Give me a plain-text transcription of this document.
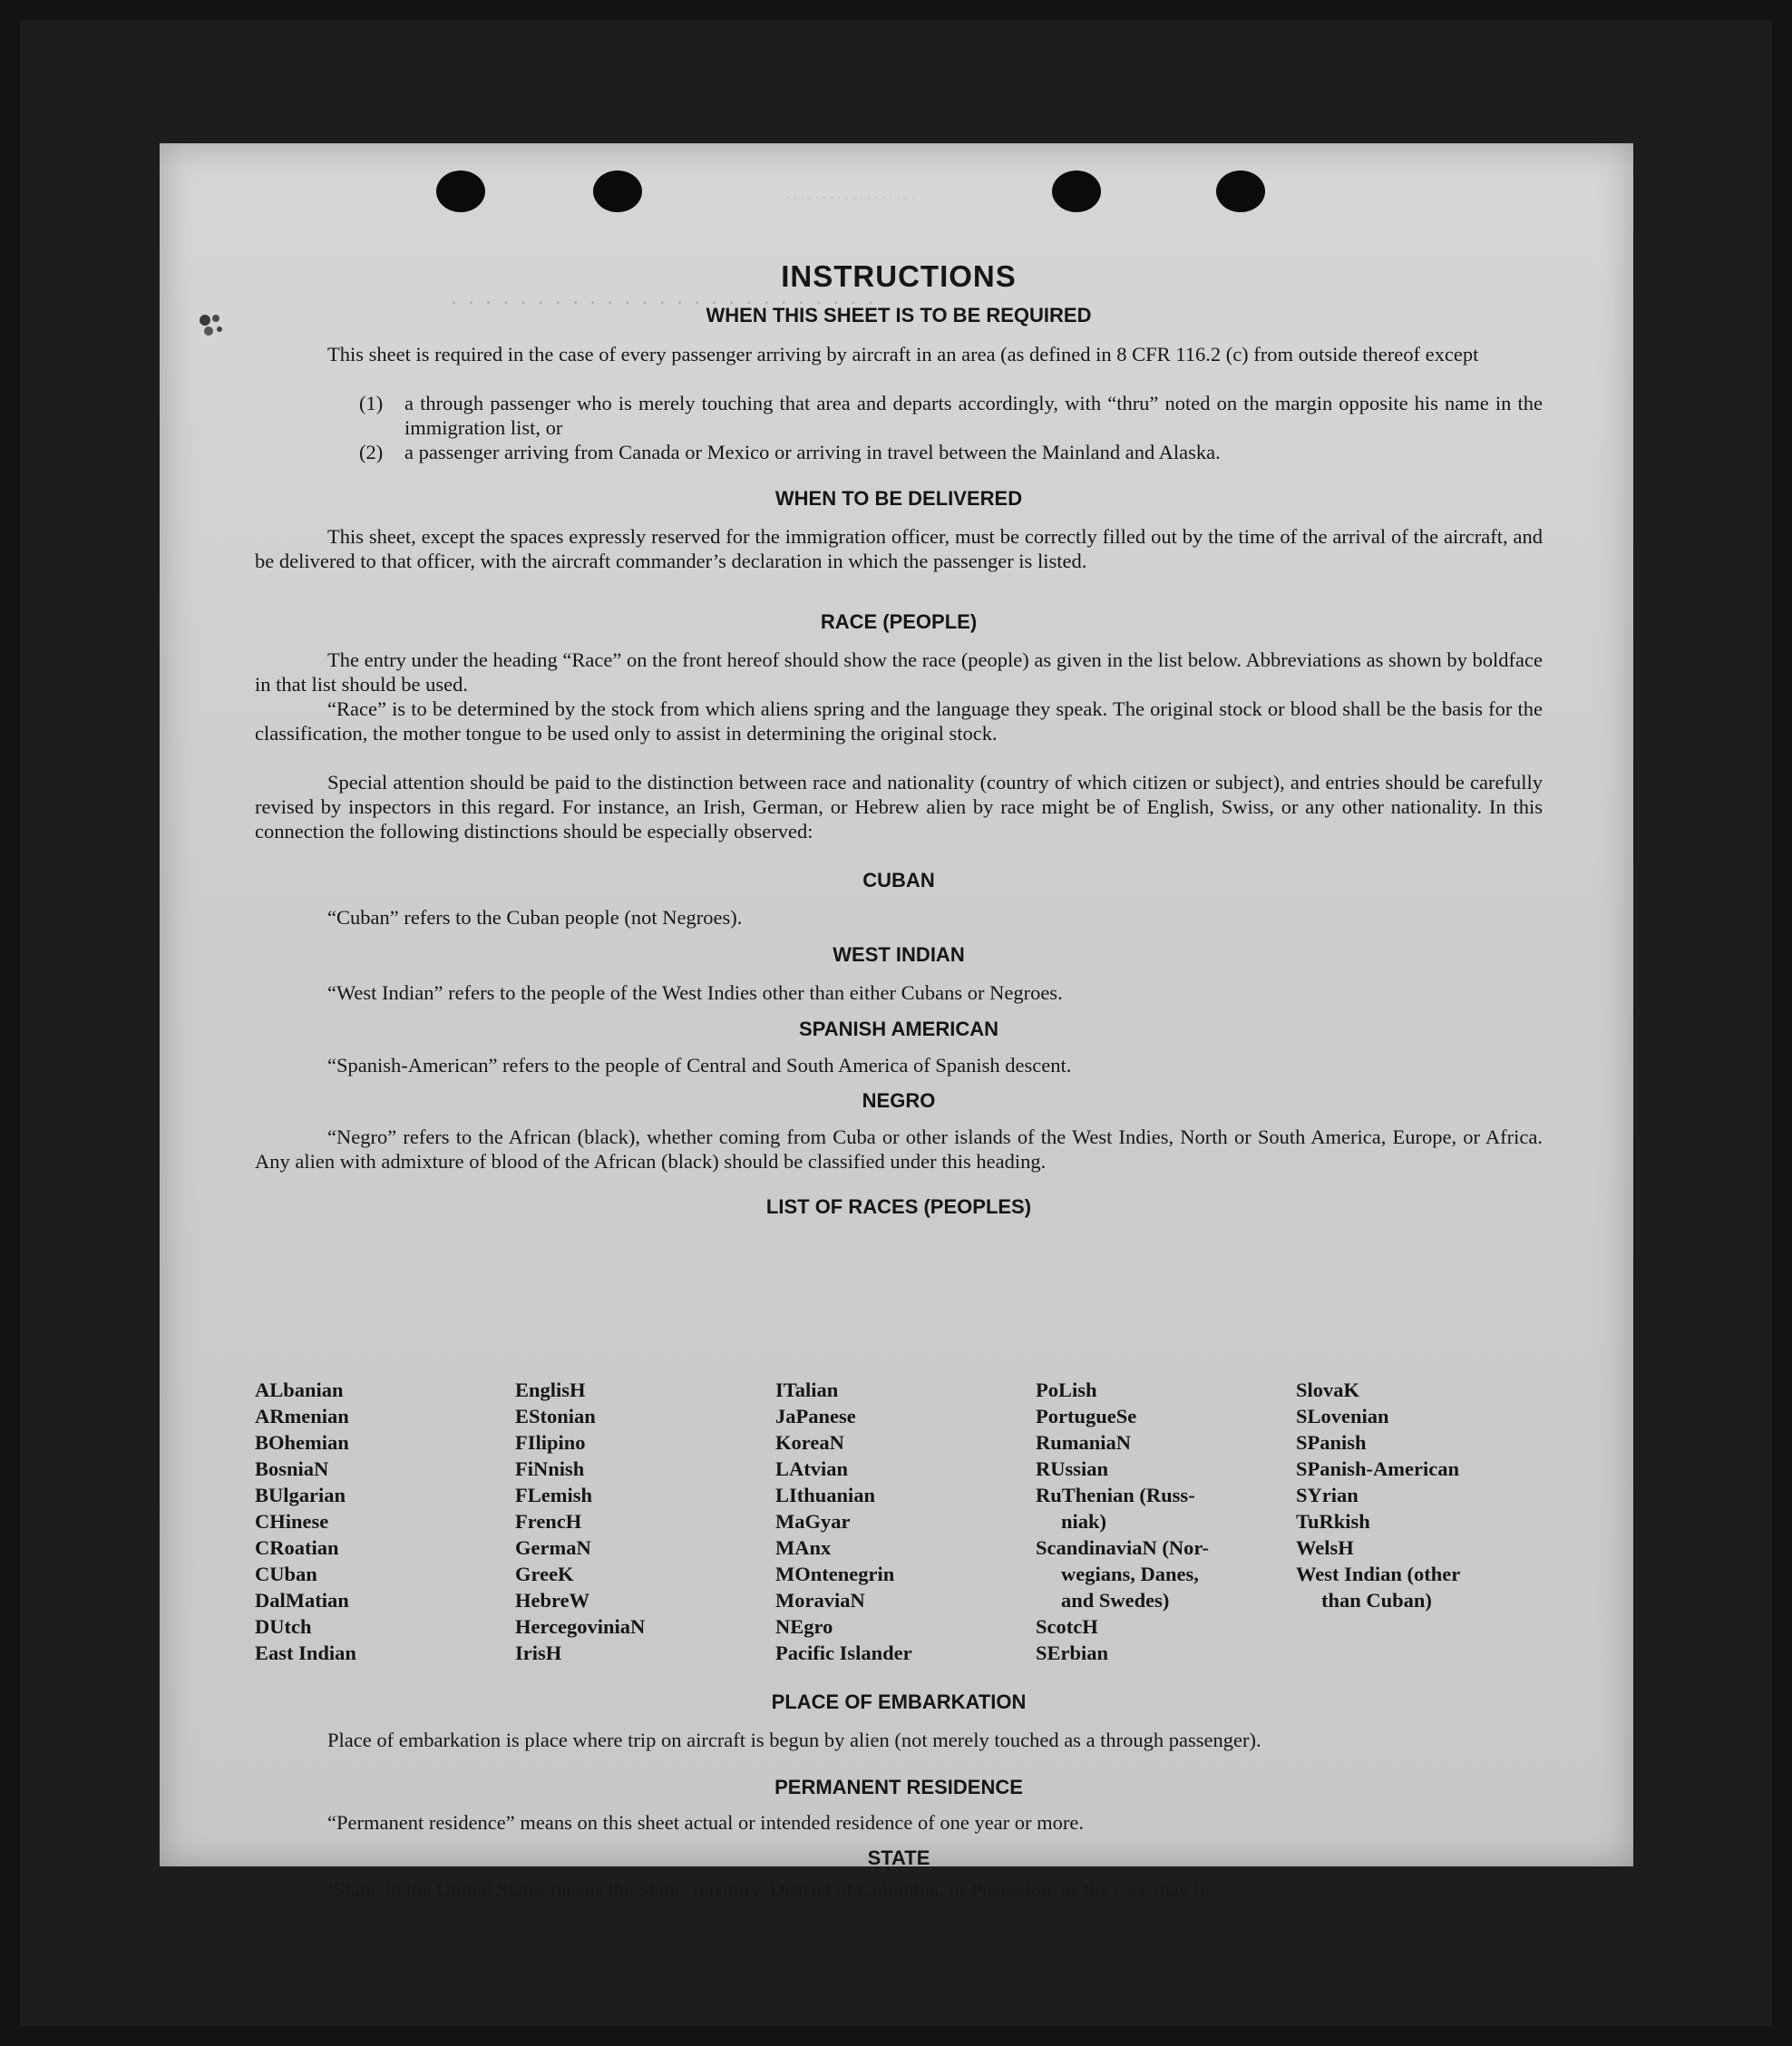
· · · · · · · · · · · · · · · · · ·
· · · · · · · · · · · · · · · · · · · · · · · · ·
INSTRUCTIONS
WHEN THIS SHEET IS TO BE REQUIRED

This sheet is required in the case of every passenger arriving by aircraft in an area (as defined in 8 CFR 116.2 (c) from outside thereof except

(1)	a through passenger who is merely touching that area and departs accordingly, with “thru” noted on the margin opposite his name in the immigration list, or

(2)	a passenger arriving from Canada or Mexico or arriving in travel between the Mainland and Alaska.

WHEN TO BE DELIVERED

This sheet, except the spaces expressly reserved for the immigration officer, must be correctly filled out by the time of the arrival of the aircraft, and be delivered to that officer, with the aircraft commander’s declaration in which the passenger is listed.

RACE (PEOPLE)

The entry under the heading “Race” on the front hereof should show the race (people) as given in the list below. Abbreviations as shown by boldface in that list should be used.

“Race” is to be determined by the stock from which aliens spring and the language they speak. The original stock or blood shall be the basis for the classification, the mother tongue to be used only to assist in determining the original stock.

Special attention should be paid to the distinction between race and nationality (country of which citizen or subject), and entries should be carefully revised by inspectors in this regard. For instance, an Irish, German, or Hebrew alien by race might be of English, Swiss, or any other nationality. In this connection the following distinctions should be especially observed:

CUBAN

“Cuban” refers to the Cuban people (not Negroes).

WEST INDIAN

“West Indian” refers to the people of the West Indies other than either Cubans or Negroes.

SPANISH AMERICAN

“Spanish-American” refers to the people of Central and South America of Spanish descent.

NEGRO

“Negro” refers to the African (black), whether coming from Cuba or other islands of the West Indies, North or South America, Europe, or Africa. Any alien with admixture of blood of the African (black) should be classified under this heading.

LIST OF RACES (PEOPLES)
ALbanian
ARmenian
BOhemian
BosniaN
BUlgarian
CHinese
CRoatian
CUban
DalMatian
DUtch
East Indian
EnglisH
EStonian
FIlipino
FiNnish
FLemish
FrencH
GermaN
GreeK
HebreW
HercegoviniaN
IrisH
ITalian
JaPanese
KoreaN
LAtvian
LIthuanian
MaGyar
MAnx
MOntenegrin
MoraviaN
NEgro
Pacific Islander
PoLish
PortugueSe
RumaniaN
RUssian
RuThenian (Russ-
niak)
ScandinaviaN (Nor-
wegians, Danes,
and Swedes)
ScotcH
SErbian
SlovaK
SLovenian
SPanish
SPanish-American
SYrian
TuRkish
WelsH
West Indian (other
than Cuban)
PLACE OF EMBARKATION

Place of embarkation is place where trip on aircraft is begun by alien (not merely touched as a through passenger).

PERMANENT RESIDENCE

“Permanent residence” means on this sheet actual or intended residence of one year or more.

STATE

‘State’ in the United States means the State, Territory, District of Columbia, or Posession, as the case may be.
